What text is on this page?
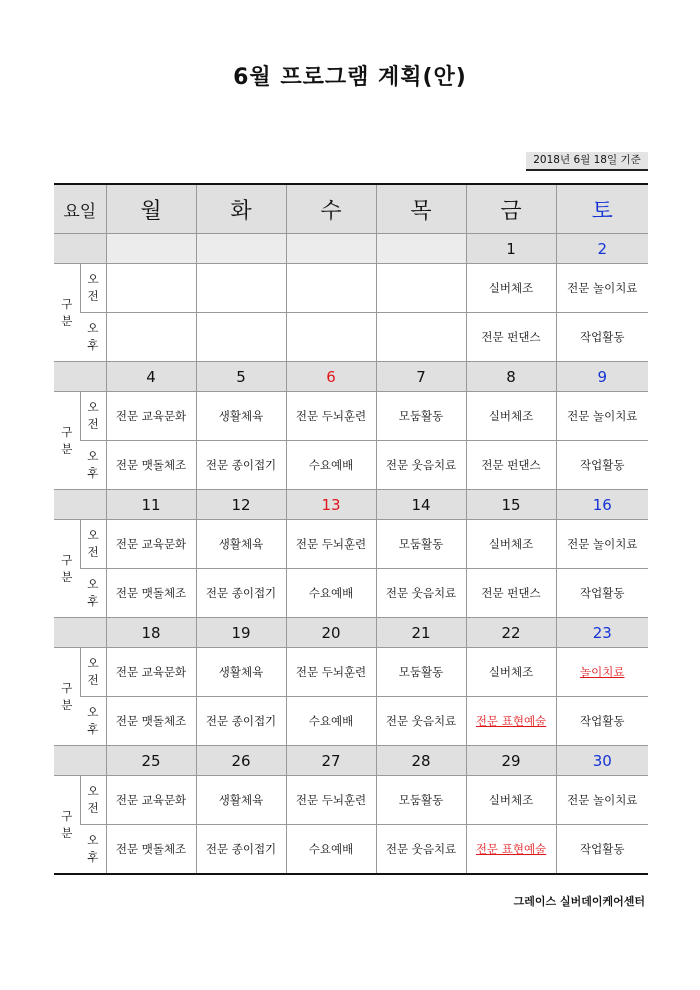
6월 프로그램 계획(안)
2018년 6월 18일 기준
요일		월	화	수	목	금	토
						1	2
구분	오전					실버체조	전문 놀이치료
	오후					전문 펀댄스	작업활동
		4	5	6	7	8	9
구분	오전	전문 교육문화	생활체육	전문 두뇌훈련	모둠활동	실버체조	전문 놀이치료
	오후	전문 맷돌체조	전문 종이접기	수요예배	전문 웃음치료	전문 펀댄스	작업활동
		11	12	13	14	15	16
구분	오전	전문 교육문화	생활체육	전문 두뇌훈련	모둠활동	실버체조	전문 놀이치료
	오후	전문 맷돌체조	전문 종이접기	수요예배	전문 웃음치료	전문 펀댄스	작업활동
		18	19	20	21	22	23
구분	오전	전문 교육문화	생활체육	전문 두뇌훈련	모둠활동	실버체조	놀이치료
	오후	전문 맷돌체조	전문 종이접기	수요예배	전문 웃음치료	전문 표현예술	작업활동
		25	26	27	28	29	30
구분	오전	전문 교육문화	생활체육	전문 두뇌훈련	모둠활동	실버체조	전문 놀이치료
	오후	전문 맷돌체조	전문 종이접기	수요예배	전문 웃음치료	전문 표현예술	작업활동
그레이스 실버데이케어센터
